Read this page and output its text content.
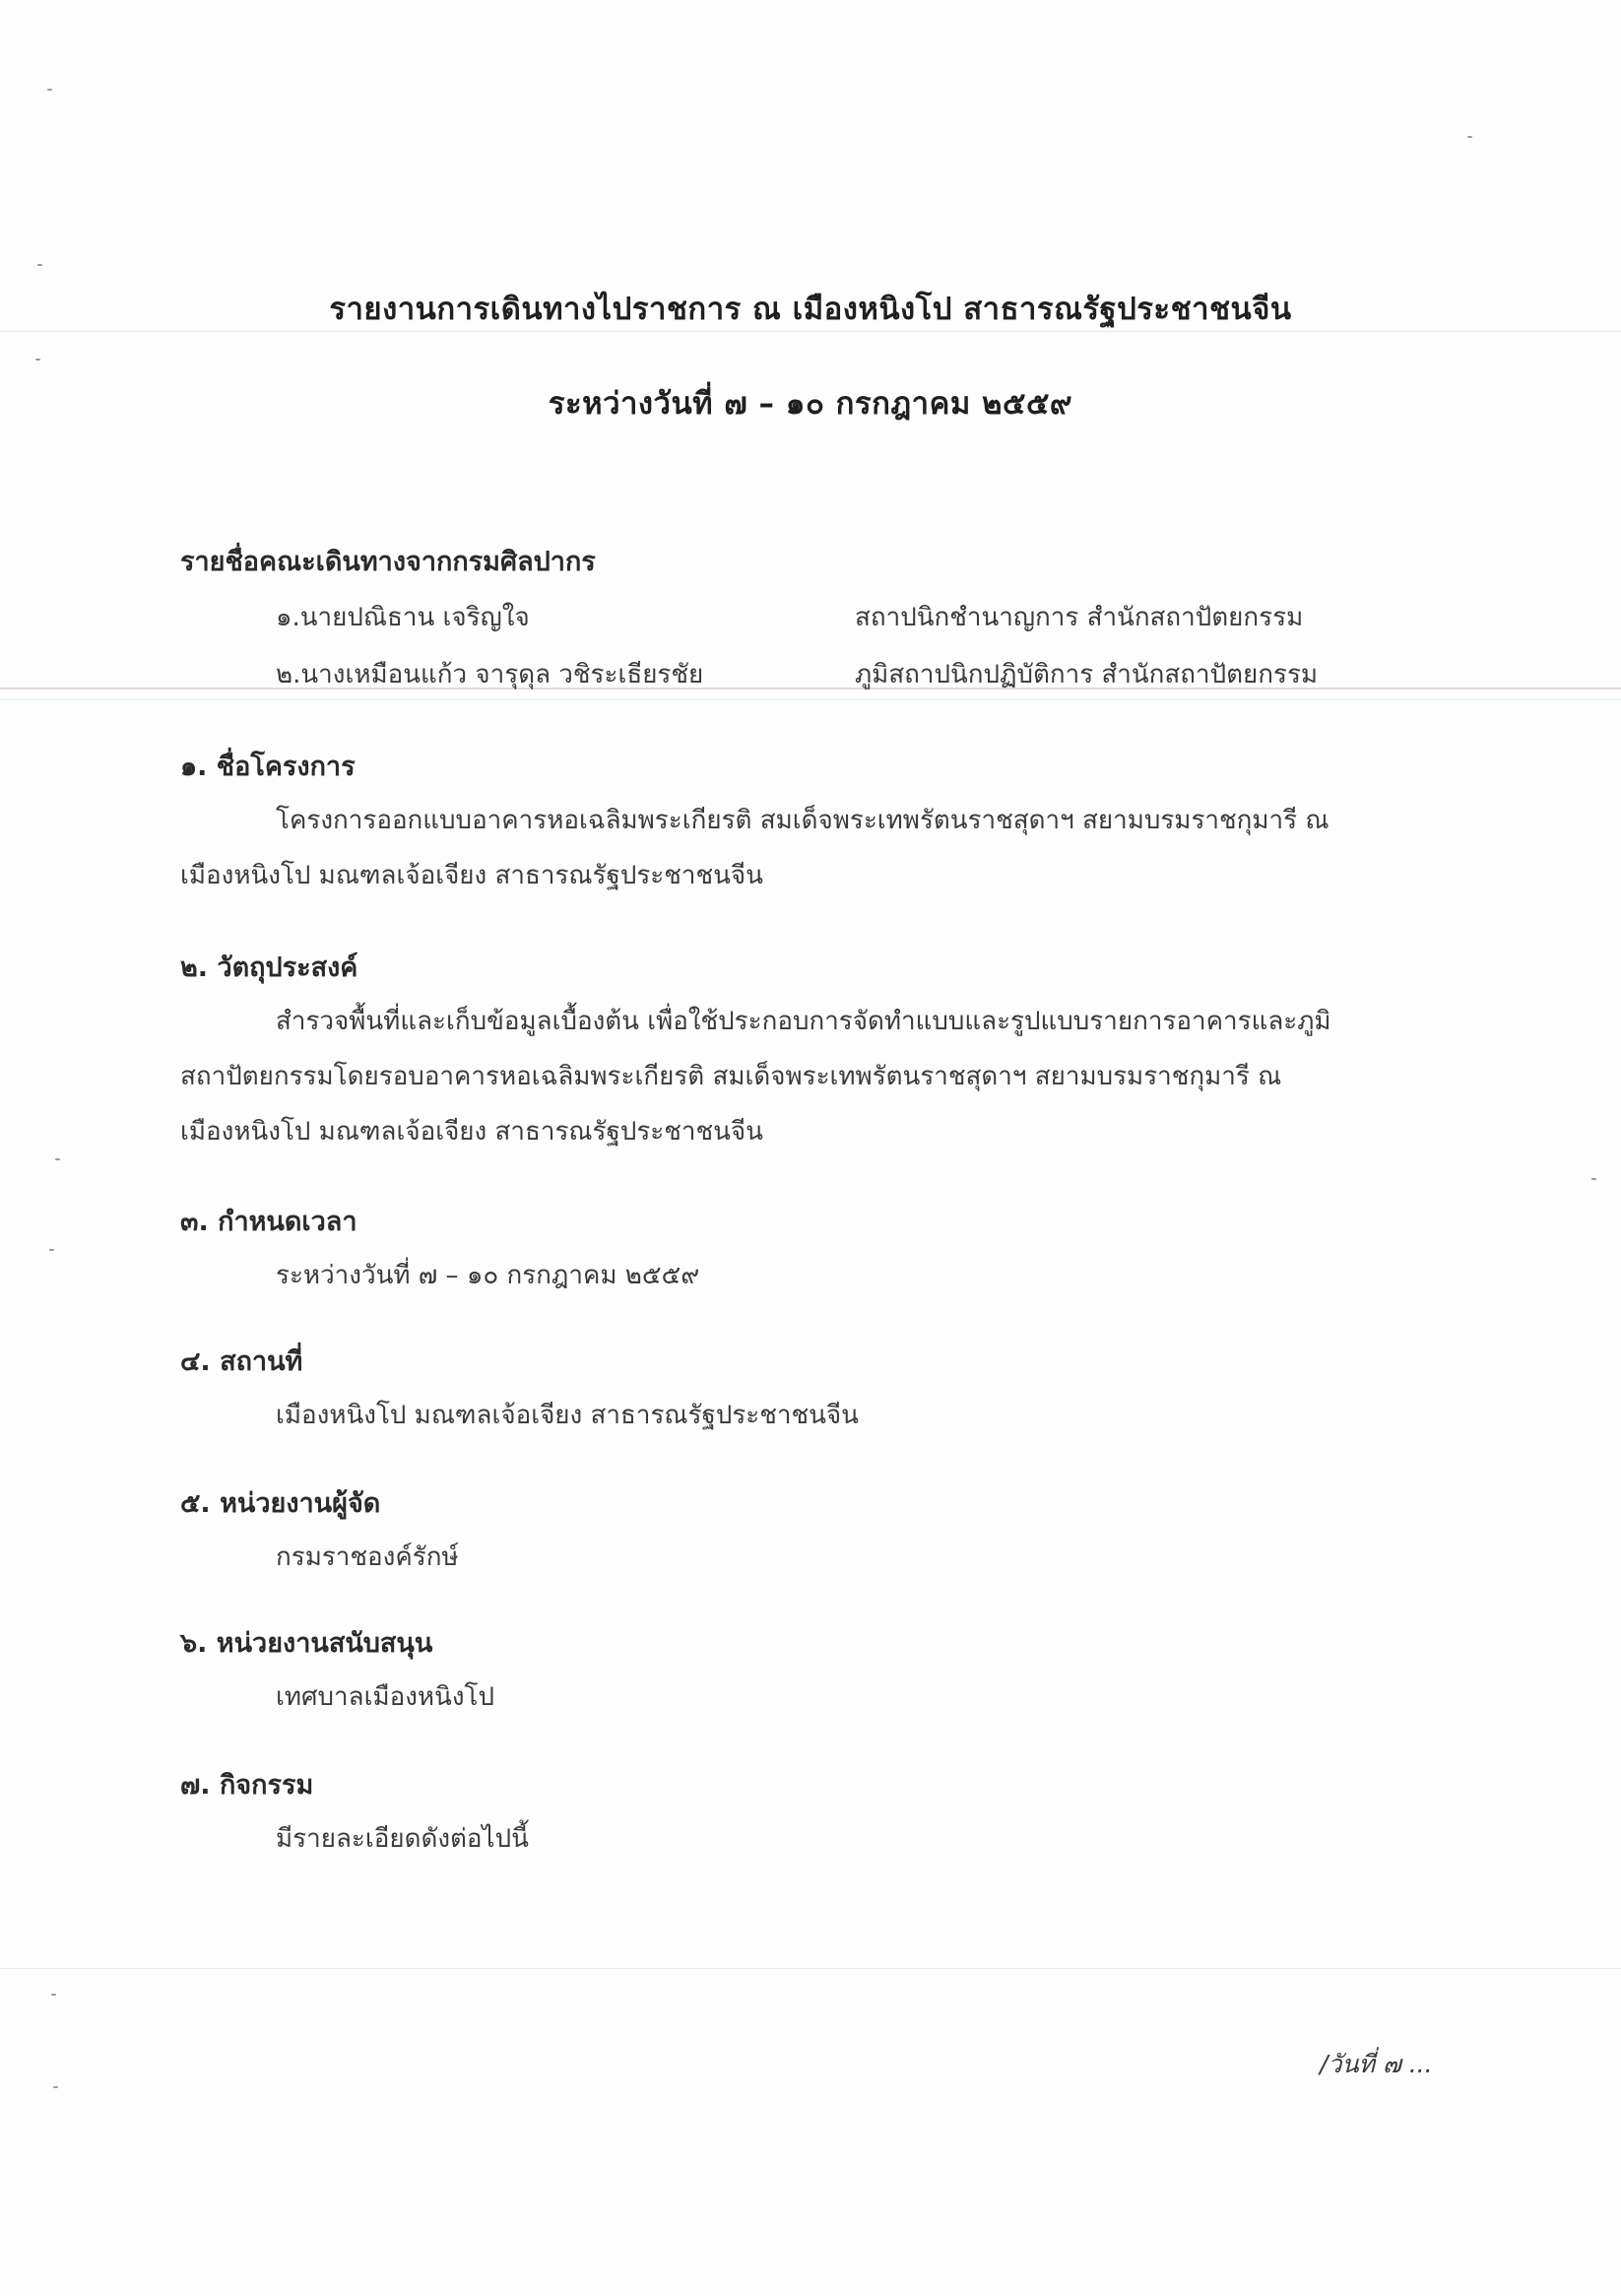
รายงานการเดินทางไปราชการ ณ เมืองหนิงโป สาธารณรัฐประชาชนจีน
ระหว่างวันที่ ๗ – ๑๐ กรกฎาคม ๒๕๕๙
รายชื่อคณะเดินทางจากกรมศิลปากร
๑.นายปณิธาน เจริญใจ	สถาปนิกชำนาญการ สำนักสถาปัตยกรรม
๒.นางเหมือนแก้ว จารุดุล วชิระเธียรชัย	ภูมิสถาปนิกปฏิบัติการ สำนักสถาปัตยกรรม
๑. ชื่อโครงการ
โครงการออกแบบอาคารหอเฉลิมพระเกียรติ สมเด็จพระเทพรัตนราชสุดาฯ สยามบรมราชกุมารี ณ
เมืองหนิงโป มณฑลเจ้อเจียง สาธารณรัฐประชาชนจีน
๒. วัตถุประสงค์
สำรวจพื้นที่และเก็บข้อมูลเบื้องต้น เพื่อใช้ประกอบการจัดทำแบบและรูปแบบรายการอาคารและภูมิ
สถาปัตยกรรมโดยรอบอาคารหอเฉลิมพระเกียรติ สมเด็จพระเทพรัตนราชสุดาฯ สยามบรมราชกุมารี ณ
เมืองหนิงโป มณฑลเจ้อเจียง สาธารณรัฐประชาชนจีน
๓. กำหนดเวลา
ระหว่างวันที่ ๗ – ๑๐ กรกฎาคม ๒๕๕๙
๔. สถานที่
เมืองหนิงโป มณฑลเจ้อเจียง สาธารณรัฐประชาชนจีน
๕. หน่วยงานผู้จัด
กรมราชองค์รักษ์
๖. หน่วยงานสนับสนุน
เทศบาลเมืองหนิงโป
๗. กิจกรรม
มีรายละเอียดดังต่อไปนี้
/วันที่ ๗ ...
